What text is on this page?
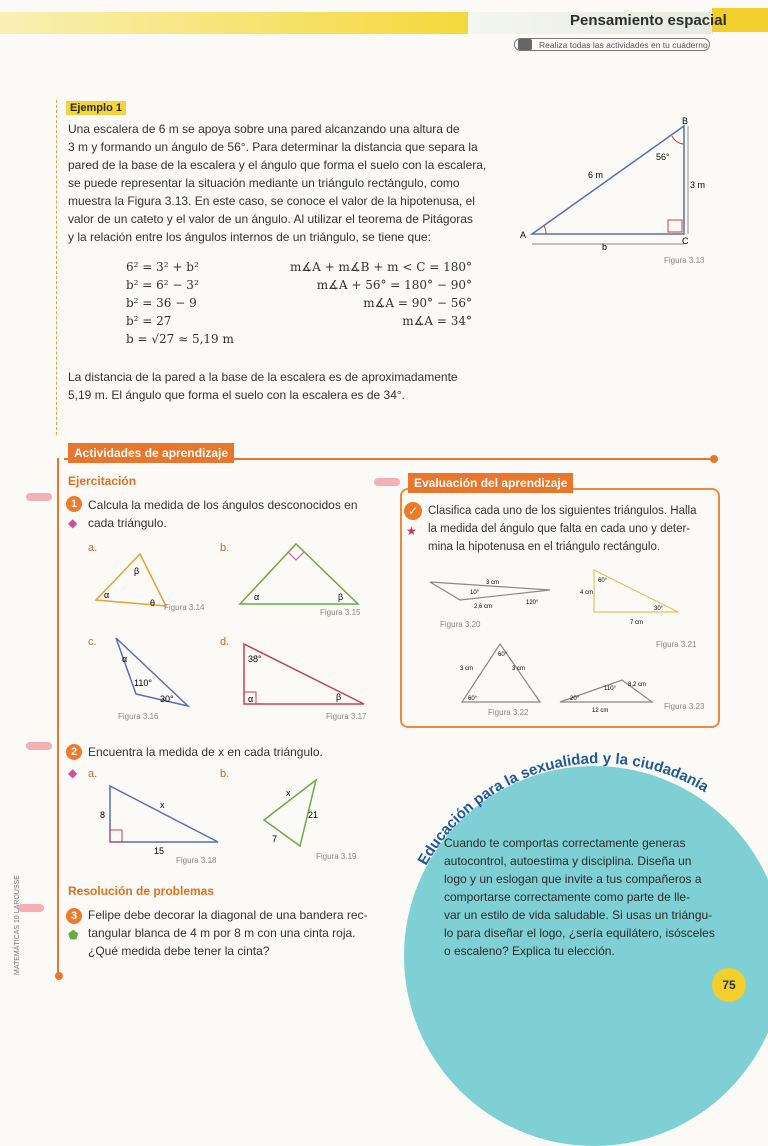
Pensamiento espacial
Realiza todas las actividades en tu cuaderno
Ejemplo 1
Una escalera de 6 m se apoya sobre una pared alcanzando una altura de
3 m y formando un ángulo de 56°. Para determinar la distancia que separa la
pared de la base de la escalera y el ángulo que forma el suelo con la escalera,
se puede representar la situación mediante un triángulo rectángulo, como
muestra la Figura 3.13. En este caso, se conoce el valor de la hipotenusa, el
valor de un cateto y el valor de un ángulo. Al utilizar el teorema de Pitágoras
y la relación entre los ángulos internos de un triángulo, se tiene que:
6² = 3² + b²
b² = 6² − 3²
b² = 36 − 9
b² = 27
b = √27 ≈ 5,19 m
m∡A + m∡B + m < C = 180°
m∡A + 56° = 180° − 90°
m∡A = 90° − 56°
m∡A = 34°
La distancia de la pared a la base de la escalera es de aproximadamente
5,19 m. El ángulo que forma el suelo con la escalera es de 34°.
B
A
C
6 m
3 m
b
56°
Figura 3.13
Actividades de aprendizaje
Ejercitación
1
◆
Calcula la medida de los ángulos desconocidos en
cada triángulo.
a.
β
α
θ Figura 3.14
b.
α	β
Figura 3.15
c.
α
110°
30°
Figura 3.16
d.
38°
α	β
Figura 3.17
2 Encuentra la medida de x en cada triángulo.
◆ a.
8
x
15
Figura 3.18
b.
x
21
7
Figura 3.19
Resolución de problemas
3
⬟
Felipe debe decorar la diagonal de una bandera rec-
tangular blanca de 4 m por 8 m con una cinta roja.
¿Qué medida debe tener la cinta?
MATEMÁTICAS 10 LAROUSSE
Evaluación del aprendizaje
✓
★
Clasifica cada uno de los siguientes triángulos. Halla
la medida del ángulo que falta en cada uno y deter-
mina la hipotenusa en el triángulo rectángulo.
3 cm
10°
2,6 cm
120°
Figura 3.20
60°
4 cm
30°
7 cm
Figura 3.21
60°
3 cm	3 cm
60°
Figura 3.22
110°
8,2 cm
20°
12 cm	Figura 3.23
Educación para la sexualidad y la ciudadanía
Cuando te comportas correctamente generas
autocontrol, autoestima y disciplina. Diseña un
logo y un eslogan que invite a tus compañeros a
comportarse correctamente como parte de lle-
var un estilo de vida saludable. Si usas un triángu-
lo para diseñar el logo, ¿sería equilátero, isósceles
o escaleno? Explica tu elección.
75
